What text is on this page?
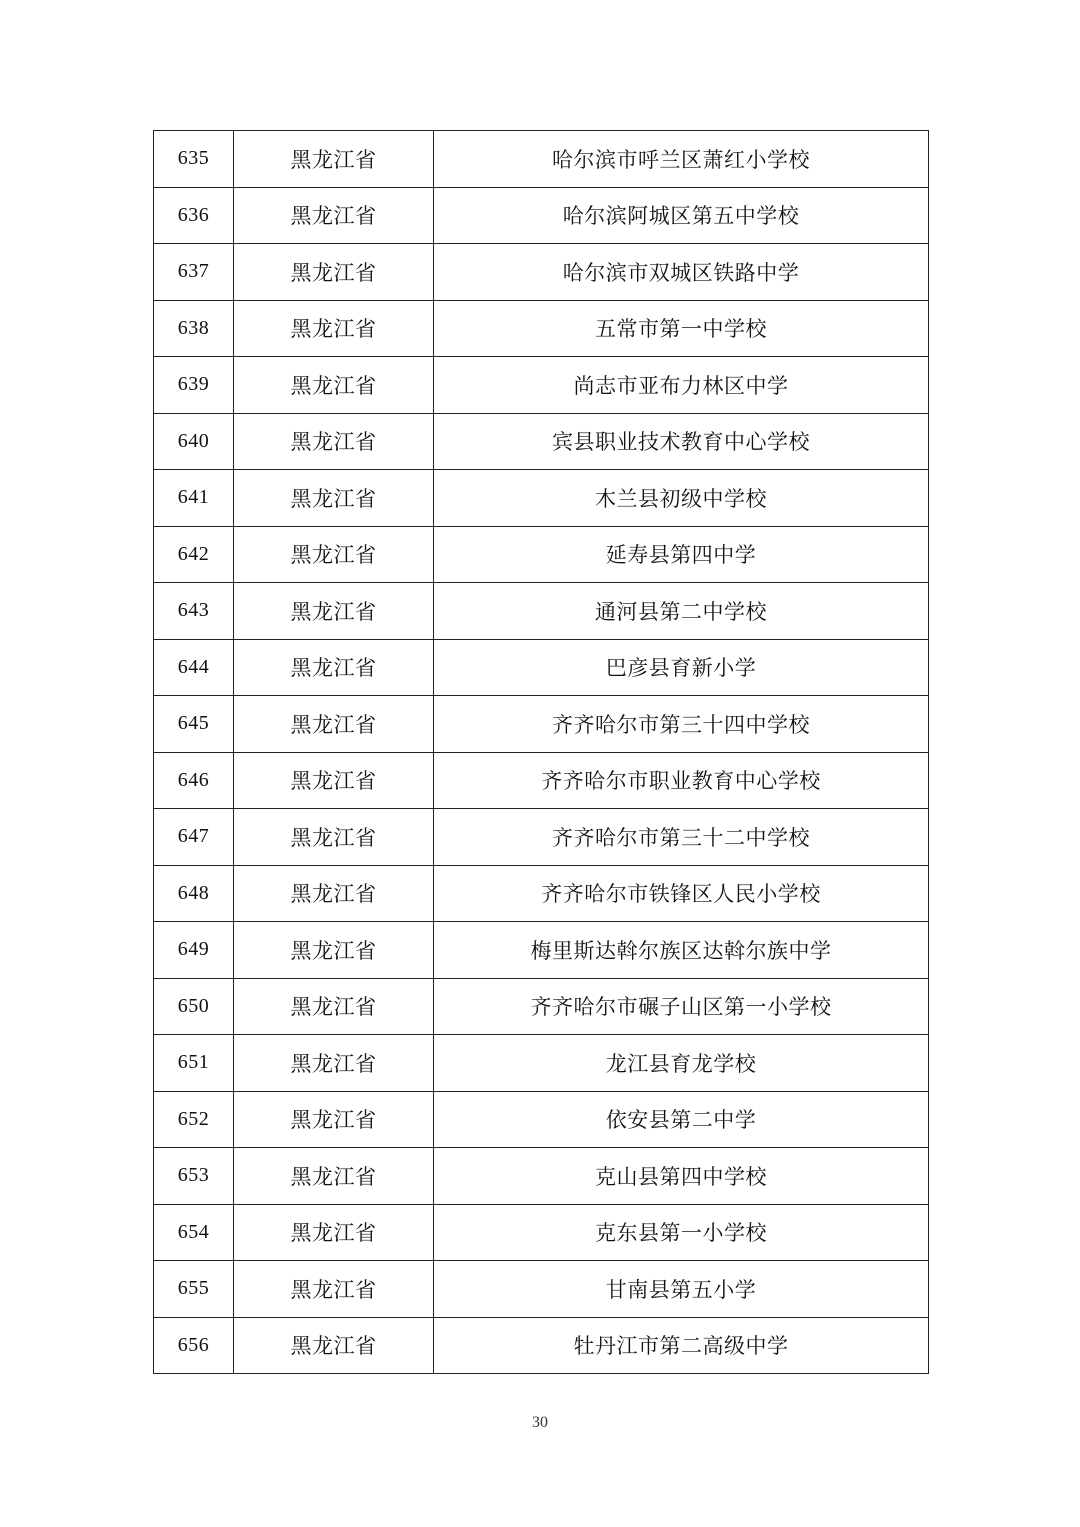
635	黑龙江省	哈尔滨市呼兰区萧红小学校
636	黑龙江省	哈尔滨阿城区第五中学校
637	黑龙江省	哈尔滨市双城区铁路中学
638	黑龙江省	五常市第一中学校
639	黑龙江省	尚志市亚布力林区中学
640	黑龙江省	宾县职业技术教育中心学校
641	黑龙江省	木兰县初级中学校
642	黑龙江省	延寿县第四中学
643	黑龙江省	通河县第二中学校
644	黑龙江省	巴彦县育新小学
645	黑龙江省	齐齐哈尔市第三十四中学校
646	黑龙江省	齐齐哈尔市职业教育中心学校
647	黑龙江省	齐齐哈尔市第三十二中学校
648	黑龙江省	齐齐哈尔市铁锋区人民小学校
649	黑龙江省	梅里斯达斡尔族区达斡尔族中学
650	黑龙江省	齐齐哈尔市碾子山区第一小学校
651	黑龙江省	龙江县育龙学校
652	黑龙江省	依安县第二中学
653	黑龙江省	克山县第四中学校
654	黑龙江省	克东县第一小学校
655	黑龙江省	甘南县第五小学
656	黑龙江省	牡丹江市第二高级中学
30
